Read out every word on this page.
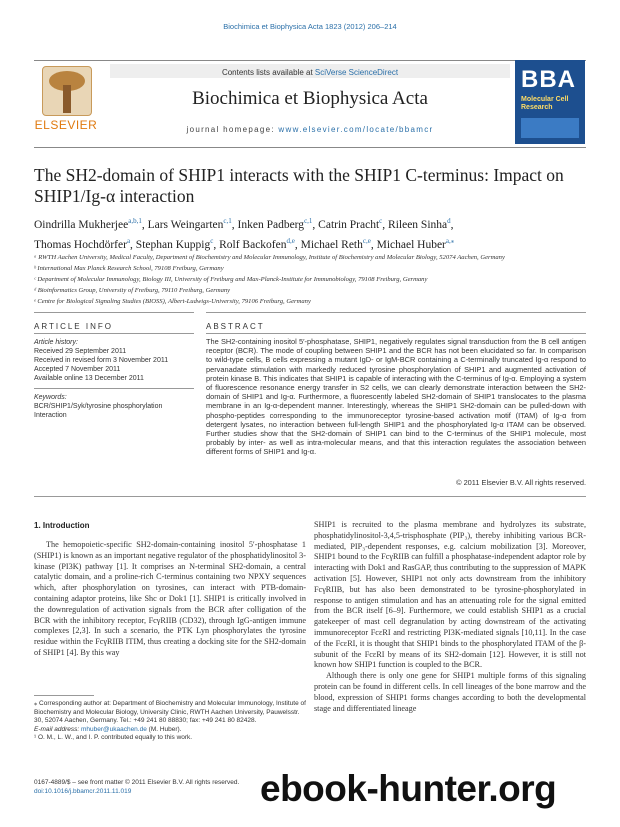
Biochimica et Biophysica Acta 1823 (2012) 206–214
ELSEVIER
Contents lists available at SciVerse ScienceDirect
Biochimica et Biophysica Acta
journal homepage: www.elsevier.com/locate/bbamcr
BBA
Molecular Cell Research
The SH2-domain of SHIP1 interacts with the SHIP1 C-terminus: Impact on SHIP1/Ig-α interaction
Oindrilla Mukherjee$^{a,b,1}$, Lars Weingarten$^{c,1}$, Inken Padberg$^{c,1}$, Catrin Pracht$^c$, Rileen Sinha$^d$,
Thomas Hochdörfer$^a$, Stephan Kuppig$^c$, Rolf Backofen$^{d,e}$, Michael Reth$^{c,e}$, Michael Huber$^{a,⁎}$
ᵃ RWTH Aachen University, Medical Faculty, Department of Biochemistry and Molecular Immunology, Institute of Biochemistry and Molecular Biology, 52074 Aachen, Germany
ᵇ International Max Planck Research School, 79108 Freiburg, Germany
ᶜ Department of Molecular Immunology, Biology III, University of Freiburg and Max-Planck-Institute for Immunobiology, 79108 Freiburg, Germany
ᵈ Bioinformatics Group, University of Freiburg, 79110 Freiburg, Germany
ᵉ Centre for Biological Signaling Studies (BIOSS), Albert-Ludwigs-University, 79106 Freiburg, Germany
ARTICLE INFO	ABSTRACT
Article history:
Received 29 September 2011
Received in revised form 3 November 2011
Accepted 7 November 2011
Available online 13 December 2011
Keywords:
BCR/SHIP1/Syk/tyrosine phosphorylation
Interaction
The SH2-containing inositol 5′-phosphatase, SHIP1, negatively regulates signal transduction from the B cell antigen receptor (BCR). The mode of coupling between SHIP1 and the BCR has not been elucidated so far. In comparison to wild-type cells, B cells expressing a mutant IgD- or IgM-BCR containing a C-terminally truncated Ig-α respond to pervanadate stimulation with markedly reduced tyrosine phosphorylation of SHIP1 and augmented activation of protein kinase B. This indicates that SHIP1 is capable of interacting with the C-terminus of Ig-α. Employing a system of fluorescence resonance energy transfer in S2 cells, we can clearly demonstrate interaction between the SH2-domain of SHIP1 and Ig-α. Furthermore, a fluorescently labeled SH2-domain of SHIP1 translocates to the plasma membrane in an Ig-α-dependent manner. Interestingly, whereas the SHIP1 SH2-domain can be pulled-down with phospho-peptides corresponding to the immunoreceptor tyrosine-based activation motif (ITAM) of Ig-α from detergent lysates, no interaction between full-length SHIP1 and the phosphorylated Ig-α ITAM can be observed. Further studies show that the SH2-domain of SHIP1 can bind to the C-terminus of the SHIP1 molecule, most probably by inter- as well as intra-molecular means, and that this interaction regulates the association between different forms of SHIP1 and Ig-α.
© 2011 Elsevier B.V. All rights reserved.
1. Introduction
The hemopoietic-specific SH2-domain-containing inositol 5′-phosphatase 1 (SHIP1) is known as an important negative regulator of the phosphatidylinositol 3-kinase (PI3K) pathway [1]. It comprises an N-terminal SH2-domain, a central catalytic domain, and a proline-rich C-terminus containing two NPXY sequences which, after phosphorylation on tyrosines, can interact with PTB-domain-containing adaptor proteins, like Shc or Dok1 [1]. SHIP1 is critically involved in the downregulation of activation signals from the BCR after colligation of the BCR with the inhibitory receptor, FcγRIIB (CD32), through IgG-antigen immune complexes [2,3]. In such a scenario, the PTK Lyn phosphorylates the tyrosine residue within the FcγRIIB ITIM, thus creating a docking site for the SH2-domain of SHIP1 [4]. By this way
SHIP1 is recruited to the plasma membrane and hydrolyzes its substrate, phosphatidylinositol-3,4,5-trisphosphate (PIP₃), thereby inhibiting various BCR-mediated, PIP₃-dependent responses, e.g. calcium mobilization [3]. Moreover, SHIP1 bound to the FcγRIIB can fulfill a phosphatase-independent adaptor role by interacting with Dok1 and RasGAP, thus contributing to the suppression of MAPK activation [5]. However, SHIP1 not only acts downstream from the inhibitory FcγRIIB, but has also been demonstrated to be tyrosine-phosphorylated in response to antigen stimulation and has an attenuating role for the signal emitted from the BCR itself [6–9]. Furthermore, we could establish SHIP1 as a crucial gatekeeper of mast cell degranulation by acting downstream of the activating immunoreceptor FcεRI and restricting PI3K-mediated signals [10,11]. In the case of the FcεRI, it is thought that SHIP1 binds to the phosphorylated ITAM of the β-subunit of the FcεRI by means of its SH2-domain [12]. However, it is still not known how SHIP1 function is coupled to the BCR.
Although there is only one gene for SHIP1 multiple forms of this signaling protein can be found in different cells. In cell lineages of the bone marrow and the blood, expression of SHIP1 forms changes according to both the developmental stage and differentiated lineage
⁎ Corresponding author at: Department of Biochemistry and Molecular Immunology, Institute of Biochemistry and Molecular Biology, University Clinic, RWTH Aachen University, Pauwelsstr. 30, 52074 Aachen, Germany. Tel.: +49 241 80 88830; fax: +49 241 80 82428.
E-mail address: mhuber@ukaachen.de (M. Huber).
¹ O. M., L. W., and I. P. contributed equally to this work.
0167-4889/$ – see front matter © 2011 Elsevier B.V. All rights reserved.
doi:10.1016/j.bbamcr.2011.11.019	ebook-hunter.org
